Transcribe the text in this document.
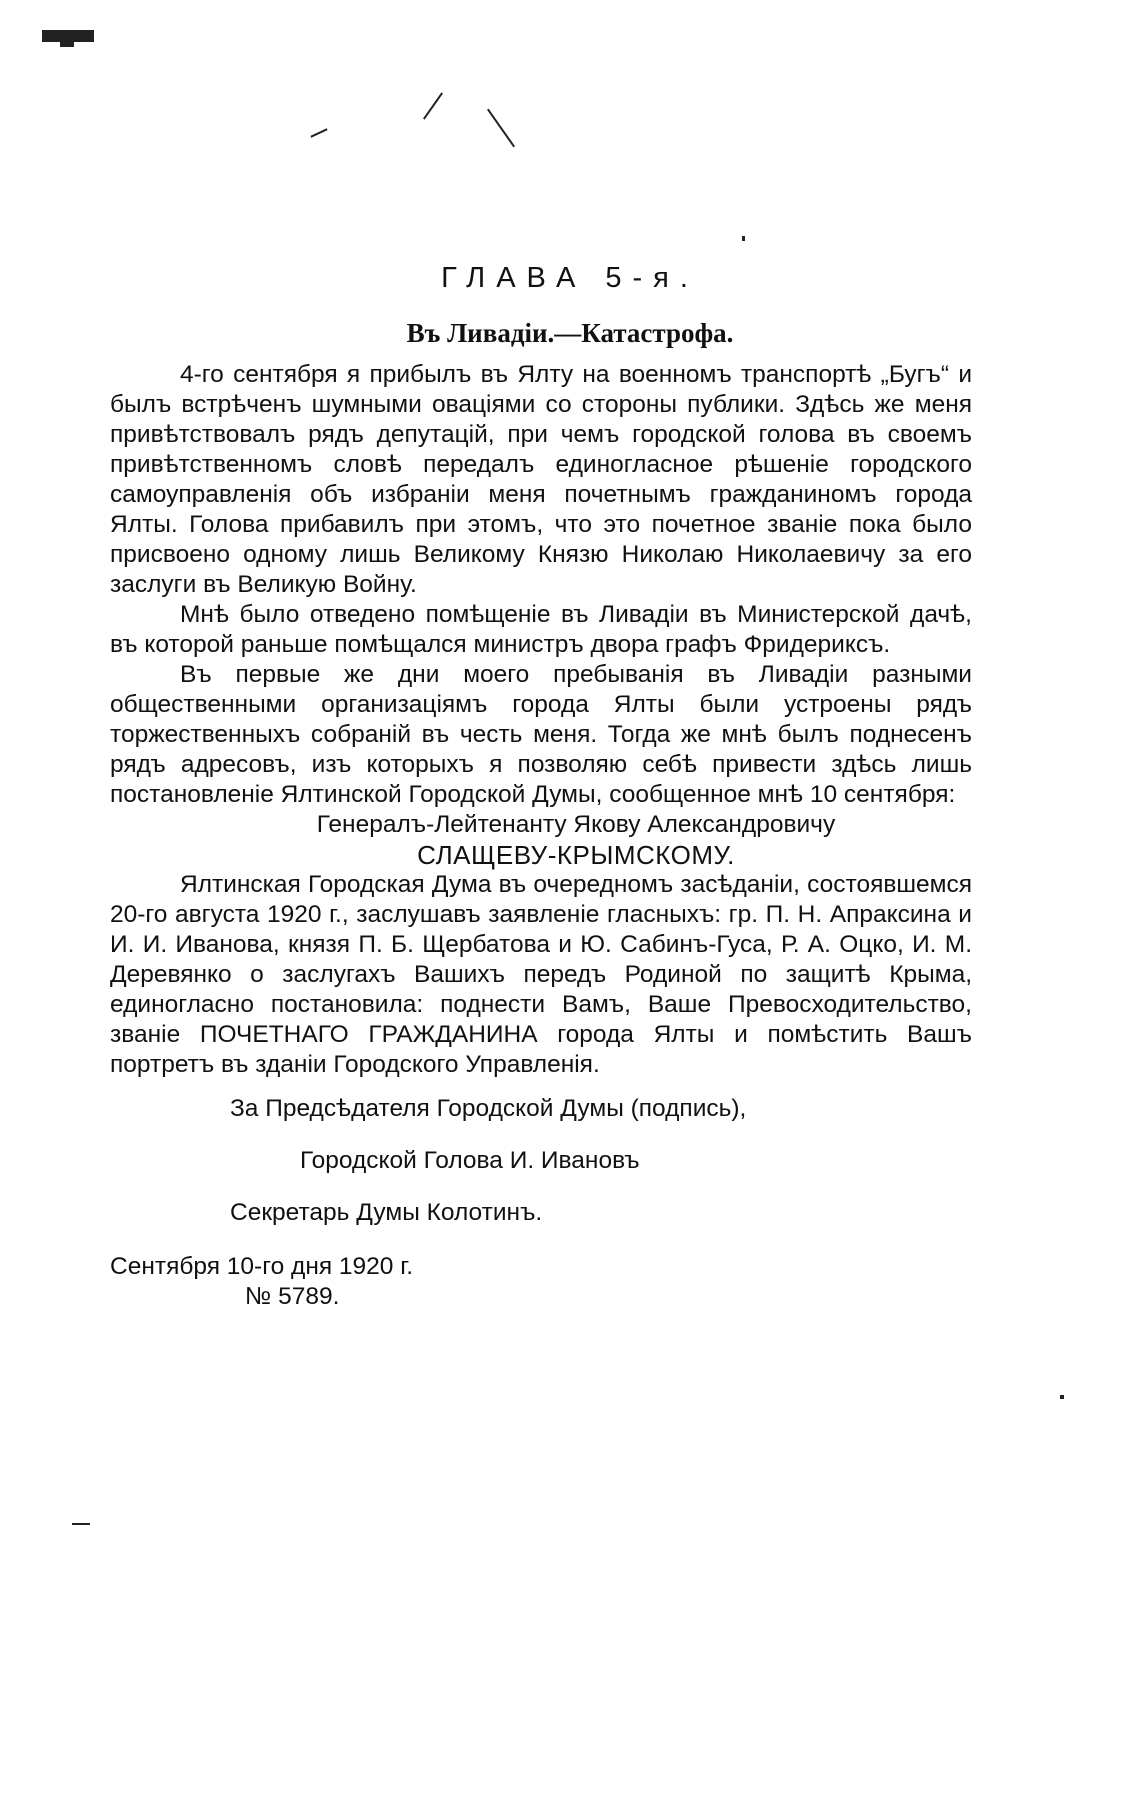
ГЛАВА 5-я.
Въ Ливадіи.—Катастрофа.

4-го сентября я прибылъ въ Ялту на военномъ транспортѣ „Бугъ“ и былъ встрѣченъ шумными оваціями со стороны публики. Здѣсь же меня привѣтствовалъ рядъ депутацій, при чемъ городской голова въ своемъ привѣтственномъ словѣ передалъ единогласное рѣшеніе городского самоуправленія объ избраніи меня почетнымъ гражданиномъ города Ялты. Голова прибавилъ при этомъ, что это почетное званіе пока было присвоено одному лишь Великому Князю Николаю Николаевичу за его заслуги въ Великую Войну.

Мнѣ было отведено помѣщеніе въ Ливадіи въ Министерской дачѣ, въ которой раньше помѣщался министръ двора графъ Фридериксъ.

Въ первые же дни моего пребыванія въ Ливадіи разными общественными организаціямъ города Ялты были устроены рядъ торжественныхъ собраній въ честь меня. Тогда же мнѣ былъ поднесенъ рядъ адресовъ, изъ которыхъ я позволяю себѣ привести здѣсь лишь постановленіе Ялтинской Городской Думы, сообщенное мнѣ 10 сентября:

Генералъ-Лейтенанту Якову Александровичу

СЛАЩЕВУ-КРЫМСКОМУ.

Ялтинская Городская Дума въ очередномъ засѣданіи, состоявшемся 20-го августа 1920 г., заслушавъ заявленіе гласныхъ: гр. П. Н. Апраксина и И. И. Иванова, князя П. Б. Щербатова и Ю. Сабинъ-Гуса, Р. А. Оцко, И. М. Деревянко о заслугахъ Вашихъ передъ Родиной по защитѣ Крыма, единогласно постановила: поднести Вамъ, Ваше Превосходительство, званіе ПОЧЕТНАГО ГРАЖДАНИНА города Ялты и помѣстить Вашъ портретъ въ зданіи Городского Управленія.

За Предсѣдателя Городской Думы (подпись),
Городской Голова И. Ивановъ
Секретарь Думы Колотинъ.
Сентября 10-го дня 1920 г.
№ 5789.
